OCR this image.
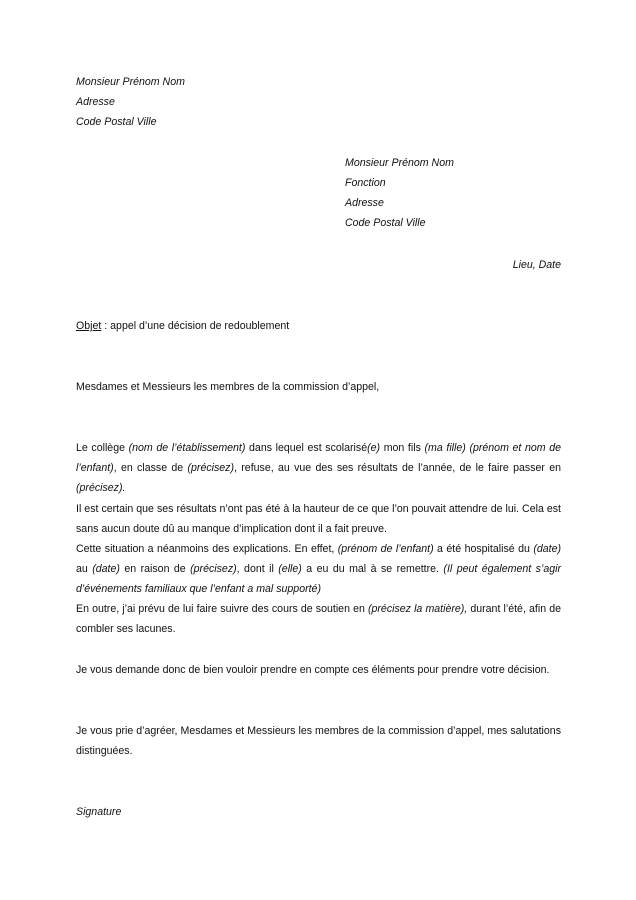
Monsieur Prénom Nom
Adresse
Code Postal Ville
Monsieur Prénom Nom
Fonction
Adresse
Code Postal Ville
Lieu, Date
Objet : appel d’une décision de redoublement
Mesdames et Messieurs les membres de la commission d’appel,

Le collège (nom de l’établissement) dans lequel est scolarisé(e) mon fils (ma fille) (prénom et nom de l’enfant), en classe de (précisez), refuse, au vue des ses résultats de l’année, de le faire passer en (précisez).

Il est certain que ses résultats n’ont pas été à la hauteur de ce que l’on pouvait attendre de lui. Cela est sans aucun doute dû au manque d’implication dont il a fait preuve.

Cette situation a néanmoins des explications. En effet, (prénom de l’enfant) a été hospitalisé du (date) au (date) en raison de (précisez), dont il (elle) a eu du mal à se remettre. (Il peut également s’agir d’événements familiaux que l’enfant a mal supporté)

En outre, j’ai prévu de lui faire suivre des cours de soutien en (précisez la matière), durant l’été, afin de combler ses lacunes.

Je vous demande donc de bien vouloir prendre en compte ces éléments pour prendre votre décision.

Je vous prie d’agréer, Mesdames et Messieurs les membres de la commission d’appel, mes salutations distinguées.

Signature
